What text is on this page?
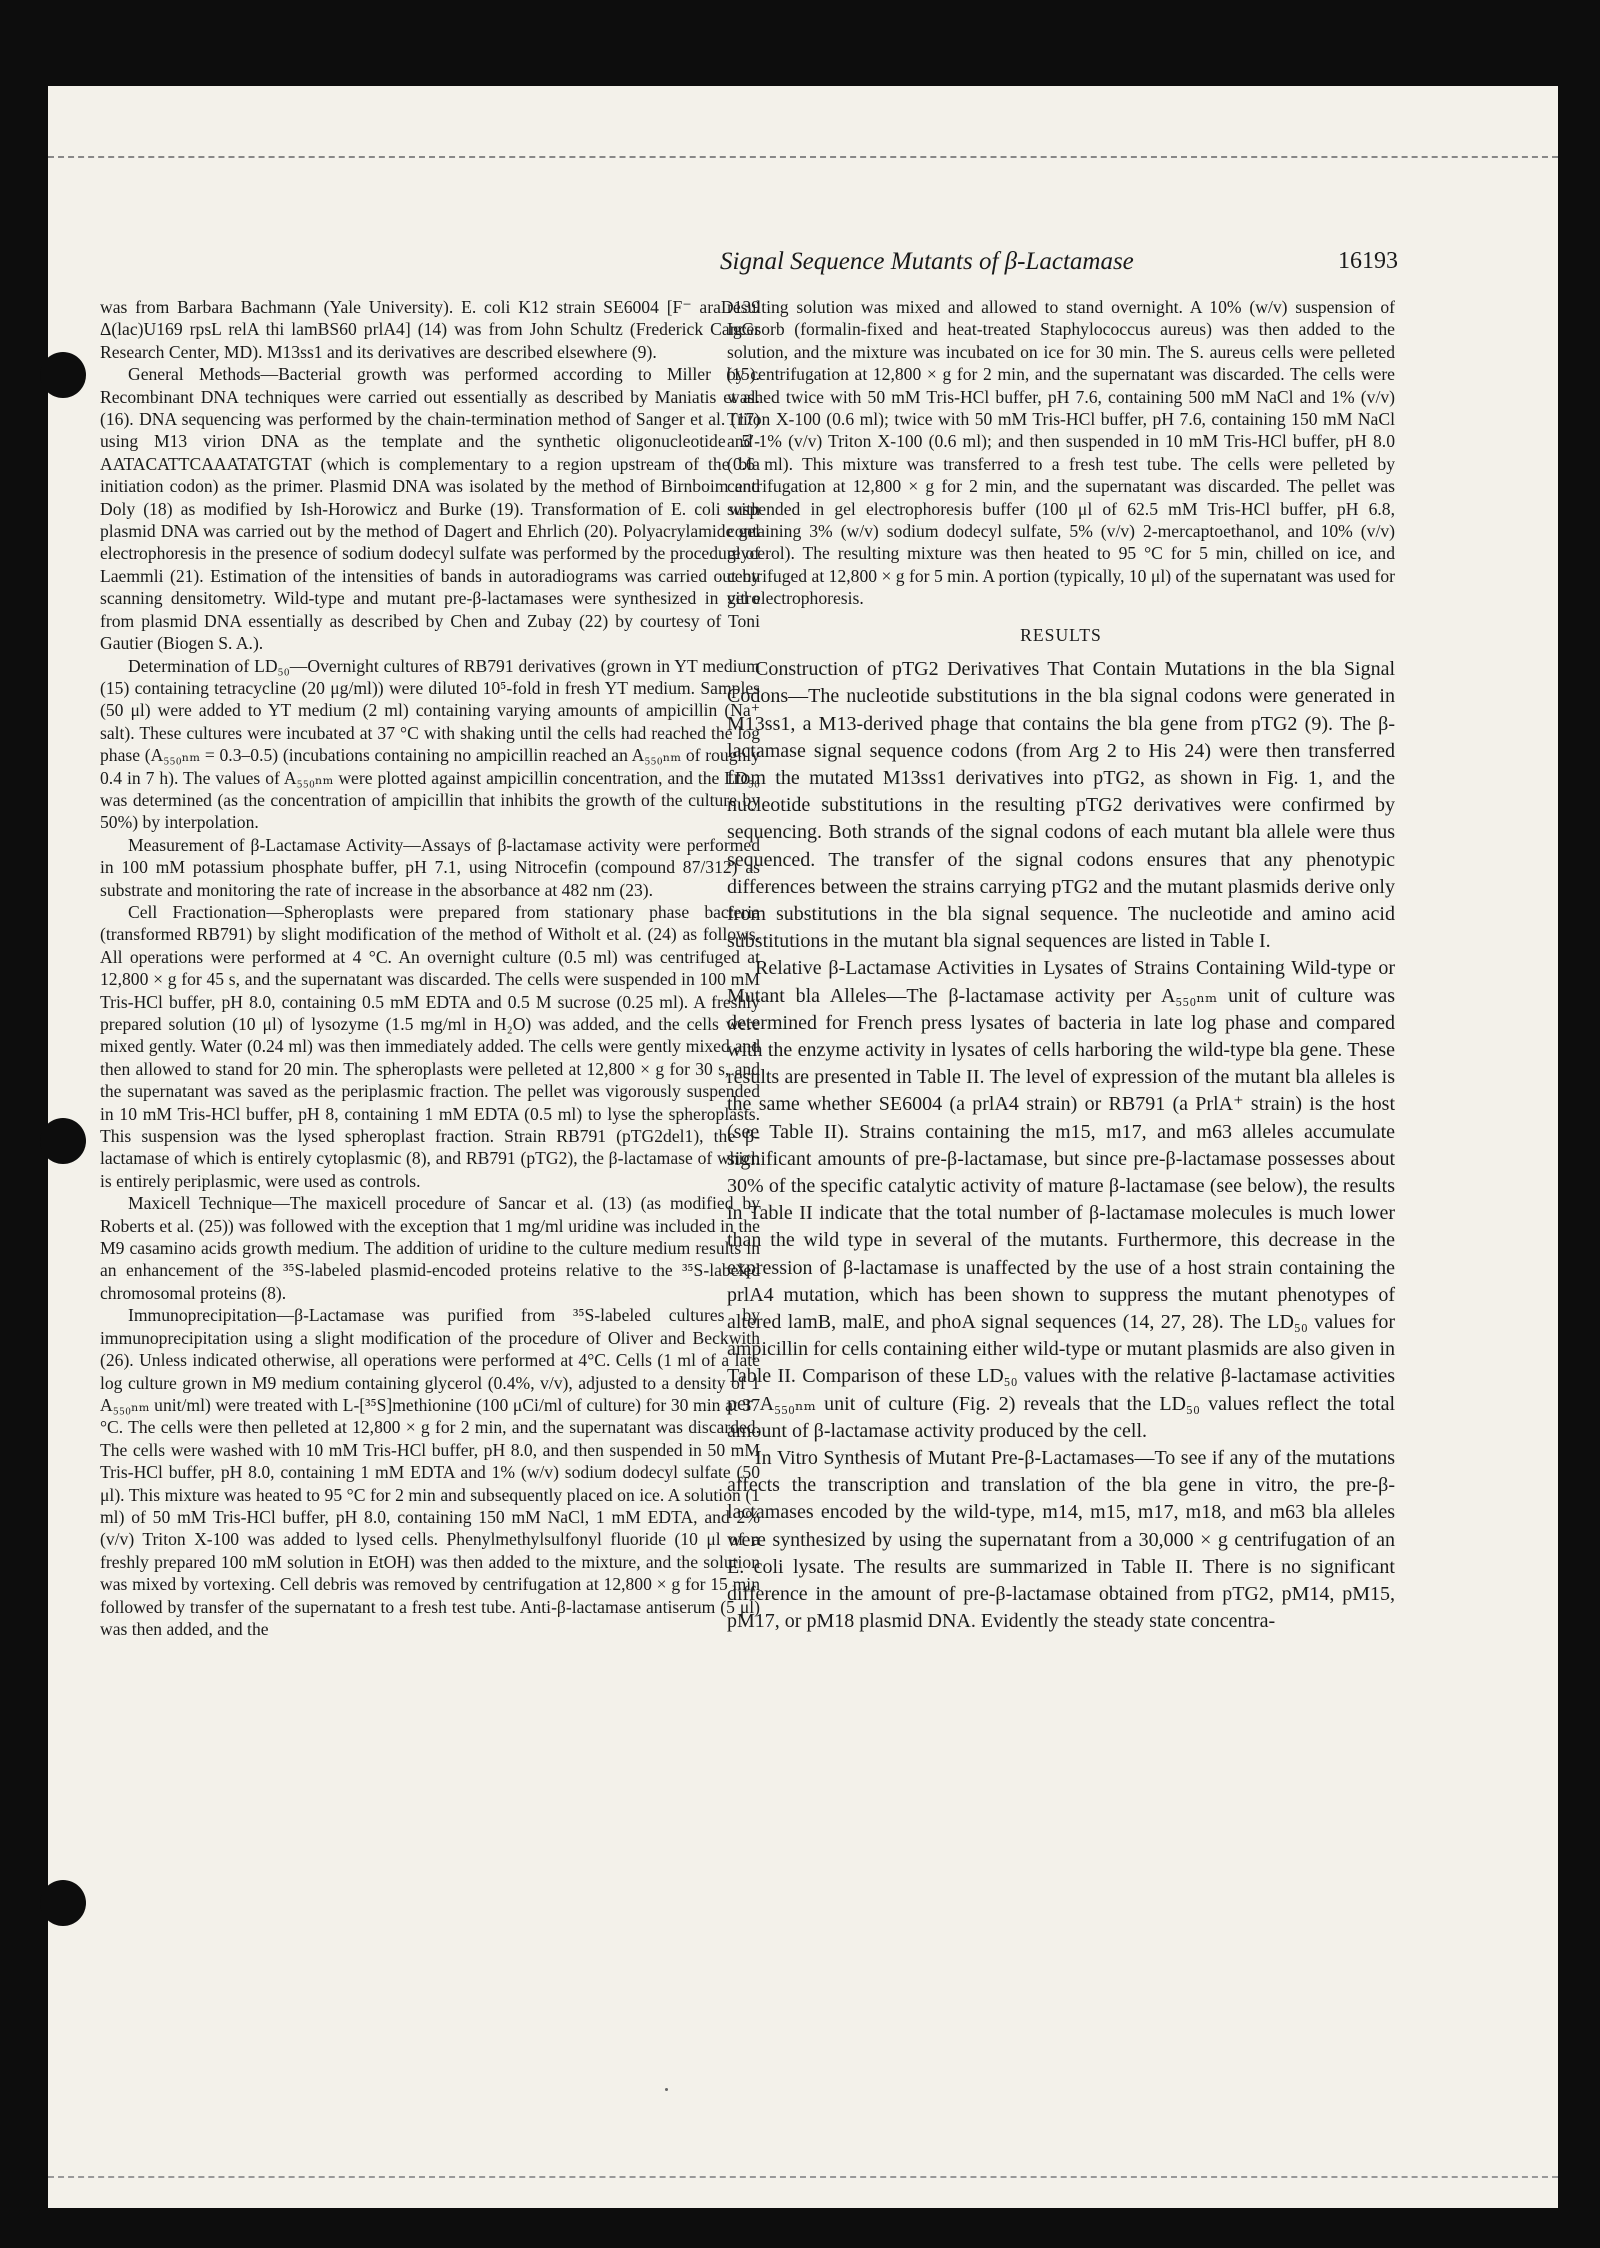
Signal Sequence Mutants of β-Lactamase	16193

was from Barbara Bachmann (Yale University). E. coli K12 strain SE6004 [F⁻ araD139 Δ(lac)U169 rpsL relA thi lamBS60 prlA4] (14) was from John Schultz (Frederick Cancer Research Center, MD). M13ss1 and its derivatives are described elsewhere (9).

General Methods—Bacterial growth was performed according to Miller (15). Recombinant DNA techniques were carried out essentially as described by Maniatis et al. (16). DNA sequencing was performed by the chain-termination method of Sanger et al. (17) using M13 virion DNA as the template and the synthetic oligonucleotide 5′-AATACATTCAAATATGTAT (which is complementary to a region upstream of the bla initiation codon) as the primer. Plasmid DNA was isolated by the method of Birnboim and Doly (18) as modified by Ish-Horowicz and Burke (19). Transformation of E. coli with plasmid DNA was carried out by the method of Dagert and Ehrlich (20). Polyacrylamide gel electrophoresis in the presence of sodium dodecyl sulfate was performed by the procedure of Laemmli (21). Estimation of the intensities of bands in autoradiograms was carried out by scanning densitometry. Wild-type and mutant pre-β-lactamases were synthesized in vitro from plasmid DNA essentially as described by Chen and Zubay (22) by courtesy of Toni Gautier (Biogen S. A.).

Determination of LD₅₀—Overnight cultures of RB791 derivatives (grown in YT medium (15) containing tetracycline (20 μg/ml)) were diluted 10⁵-fold in fresh YT medium. Samples (50 μl) were added to YT medium (2 ml) containing varying amounts of ampicillin (Na⁺ salt). These cultures were incubated at 37 °C with shaking until the cells had reached the log phase (A₅₅₀ₙₘ = 0.3–0.5) (incubations containing no ampicillin reached an A₅₅₀ₙₘ of roughly 0.4 in 7 h). The values of A₅₅₀ₙₘ were plotted against ampicillin concentration, and the LD₅₀ was determined (as the concentration of ampicillin that inhibits the growth of the culture by 50%) by interpolation.

Measurement of β-Lactamase Activity—Assays of β-lactamase activity were performed in 100 mM potassium phosphate buffer, pH 7.1, using Nitrocefin (compound 87/312) as substrate and monitoring the rate of increase in the absorbance at 482 nm (23).

Cell Fractionation—Spheroplasts were prepared from stationary phase bacteria (transformed RB791) by slight modification of the method of Witholt et al. (24) as follows. All operations were performed at 4 °C. An overnight culture (0.5 ml) was centrifuged at 12,800 × g for 45 s, and the supernatant was discarded. The cells were suspended in 100 mM Tris-HCl buffer, pH 8.0, containing 0.5 mM EDTA and 0.5 M sucrose (0.25 ml). A freshly prepared solution (10 μl) of lysozyme (1.5 mg/ml in H₂O) was added, and the cells were mixed gently. Water (0.24 ml) was then immediately added. The cells were gently mixed and then allowed to stand for 20 min. The spheroplasts were pelleted at 12,800 × g for 30 s, and the supernatant was saved as the periplasmic fraction. The pellet was vigorously suspended in 10 mM Tris-HCl buffer, pH 8, containing 1 mM EDTA (0.5 ml) to lyse the spheroplasts. This suspension was the lysed spheroplast fraction. Strain RB791 (pTG2del1), the β-lactamase of which is entirely cytoplasmic (8), and RB791 (pTG2), the β-lactamase of which is entirely periplasmic, were used as controls.

Maxicell Technique—The maxicell procedure of Sancar et al. (13) (as modified by Roberts et al. (25)) was followed with the exception that 1 mg/ml uridine was included in the M9 casamino acids growth medium. The addition of uridine to the culture medium results in an enhancement of the ³⁵S-labeled plasmid-encoded proteins relative to the ³⁵S-labeled chromosomal proteins (8).

Immunoprecipitation—β-Lactamase was purified from ³⁵S-labeled cultures by immunoprecipitation using a slight modification of the procedure of Oliver and Beckwith (26). Unless indicated otherwise, all operations were performed at 4°C. Cells (1 ml of a late log culture grown in M9 medium containing glycerol (0.4%, v/v), adjusted to a density of 1 A₅₅₀ₙₘ unit/ml) were treated with L-[³⁵S]methionine (100 μCi/ml of culture) for 30 min at 37 °C. The cells were then pelleted at 12,800 × g for 2 min, and the supernatant was discarded. The cells were washed with 10 mM Tris-HCl buffer, pH 8.0, and then suspended in 50 mM Tris-HCl buffer, pH 8.0, containing 1 mM EDTA and 1% (w/v) sodium dodecyl sulfate (50 μl). This mixture was heated to 95 °C for 2 min and subsequently placed on ice. A solution (1 ml) of 50 mM Tris-HCl buffer, pH 8.0, containing 150 mM NaCl, 1 mM EDTA, and 2% (v/v) Triton X-100 was added to lysed cells. Phenylmethylsulfonyl fluoride (10 μl of a freshly prepared 100 mM solution in EtOH) was then added to the mixture, and the solution was mixed by vortexing. Cell debris was removed by centrifugation at 12,800 × g for 15 min followed by transfer of the supernatant to a fresh test tube. Anti-β-lactamase antiserum (5 μl) was then added, and the

resulting solution was mixed and allowed to stand overnight. A 10% (w/v) suspension of IgGsorb (formalin-fixed and heat-treated Staphylococcus aureus) was then added to the solution, and the mixture was incubated on ice for 30 min. The S. aureus cells were pelleted by centrifugation at 12,800 × g for 2 min, and the supernatant was discarded. The cells were washed twice with 50 mM Tris-HCl buffer, pH 7.6, containing 500 mM NaCl and 1% (v/v) Triton X-100 (0.6 ml); twice with 50 mM Tris-HCl buffer, pH 7.6, containing 150 mM NaCl and 1% (v/v) Triton X-100 (0.6 ml); and then suspended in 10 mM Tris-HCl buffer, pH 8.0 (0.6 ml). This mixture was transferred to a fresh test tube. The cells were pelleted by centrifugation at 12,800 × g for 2 min, and the supernatant was discarded. The pellet was suspended in gel electrophoresis buffer (100 μl of 62.5 mM Tris-HCl buffer, pH 6.8, containing 3% (w/v) sodium dodecyl sulfate, 5% (v/v) 2-mercaptoethanol, and 10% (v/v) glycerol). The resulting mixture was then heated to 95 °C for 5 min, chilled on ice, and centrifuged at 12,800 × g for 5 min. A portion (typically, 10 μl) of the supernatant was used for gel electrophoresis.

RESULTS

Construction of pTG2 Derivatives That Contain Mutations in the bla Signal Codons—The nucleotide substitutions in the bla signal codons were generated in M13ss1, a M13-derived phage that contains the bla gene from pTG2 (9). The β-lactamase signal sequence codons (from Arg 2 to His 24) were then transferred from the mutated M13ss1 derivatives into pTG2, as shown in Fig. 1, and the nucleotide substitutions in the resulting pTG2 derivatives were confirmed by sequencing. Both strands of the signal codons of each mutant bla allele were thus sequenced. The transfer of the signal codons ensures that any phenotypic differences between the strains carrying pTG2 and the mutant plasmids derive only from substitutions in the bla signal sequence. The nucleotide and amino acid substitutions in the mutant bla signal sequences are listed in Table I.

Relative β-Lactamase Activities in Lysates of Strains Containing Wild-type or Mutant bla Alleles—The β-lactamase activity per A₅₅₀ₙₘ unit of culture was determined for French press lysates of bacteria in late log phase and compared with the enzyme activity in lysates of cells harboring the wild-type bla gene. These results are presented in Table II. The level of expression of the mutant bla alleles is the same whether SE6004 (a prlA4 strain) or RB791 (a PrlA⁺ strain) is the host (see Table II). Strains containing the m15, m17, and m63 alleles accumulate significant amounts of pre-β-lactamase, but since pre-β-lactamase possesses about 30% of the specific catalytic activity of mature β-lactamase (see below), the results in Table II indicate that the total number of β-lactamase molecules is much lower than the wild type in several of the mutants. Furthermore, this decrease in the expression of β-lactamase is unaffected by the use of a host strain containing the prlA4 mutation, which has been shown to suppress the mutant phenotypes of altered lamB, malE, and phoA signal sequences (14, 27, 28). The LD₅₀ values for ampicillin for cells containing either wild-type or mutant plasmids are also given in Table II. Comparison of these LD₅₀ values with the relative β-lactamase activities per A₅₅₀ₙₘ unit of culture (Fig. 2) reveals that the LD₅₀ values reflect the total amount of β-lactamase activity produced by the cell.

In Vitro Synthesis of Mutant Pre-β-Lactamases—To see if any of the mutations affects the transcription and translation of the bla gene in vitro, the pre-β-lactamases encoded by the wild-type, m14, m15, m17, m18, and m63 bla alleles were synthesized by using the supernatant from a 30,000 × g centrifugation of an E. coli lysate. The results are summarized in Table II. There is no significant difference in the amount of pre-β-lactamase obtained from pTG2, pM14, pM15, pM17, or pM18 plasmid DNA. Evidently the steady state concentra-
